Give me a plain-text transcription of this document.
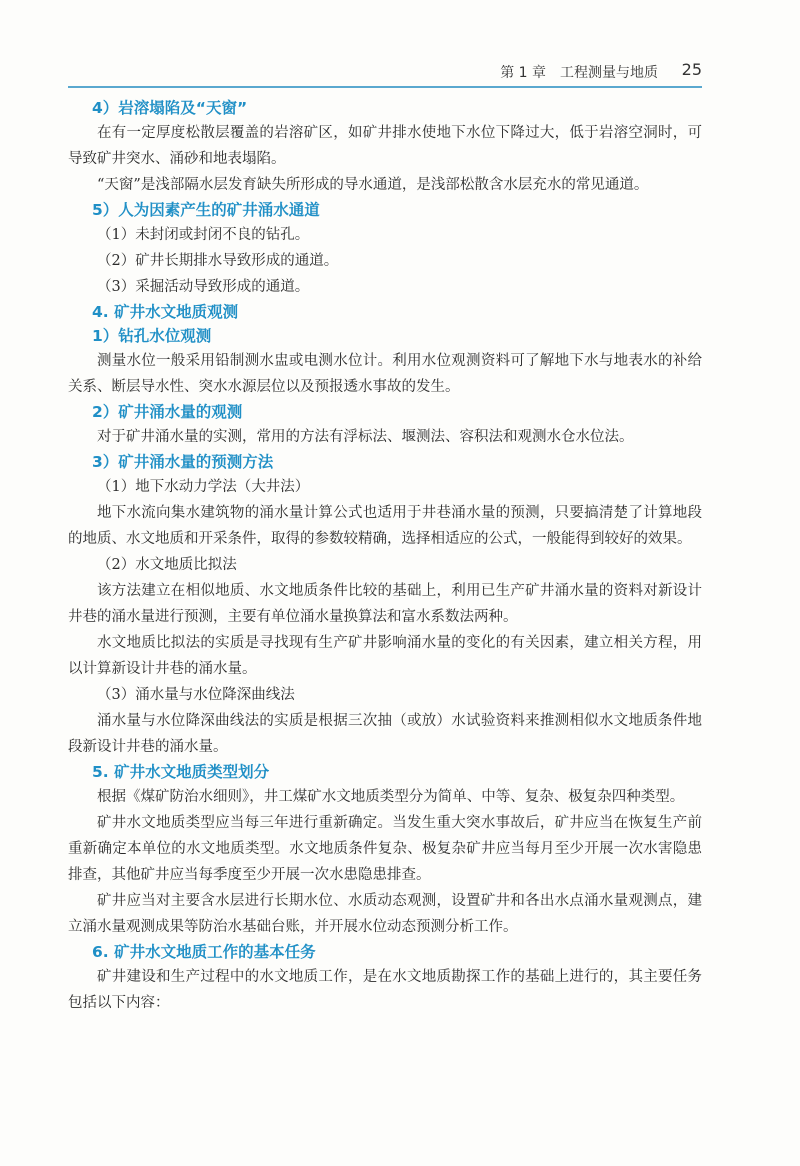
第 1 章　工程测量与地质 25
4）岩溶塌陷及“天窗”

在有一定厚度松散层覆盖的岩溶矿区，如矿井排水使地下水位下降过大，低于岩溶空洞时，可导致矿井突水、涌砂和地表塌陷。

“天窗”是浅部隔水层发育缺失所形成的导水通道，是浅部松散含水层充水的常见通道。

5）人为因素产生的矿井涌水通道

（1）未封闭或封闭不良的钻孔。

（2）矿井长期排水导致形成的通道。

（3）采掘活动导致形成的通道。

4. 矿井水文地质观测
1）钻孔水位观测

测量水位一般采用铅制测水盅或电测水位计。利用水位观测资料可了解地下水与地表水的补给关系、断层导水性、突水水源层位以及预报透水事故的发生。

2）矿井涌水量的观测

对于矿井涌水量的实测，常用的方法有浮标法、堰测法、容积法和观测水仓水位法。

3）矿井涌水量的预测方法

（1）地下水动力学法（大井法）

地下水流向集水建筑物的涌水量计算公式也适用于井巷涌水量的预测，只要搞清楚了计算地段的地质、水文地质和开采条件，取得的参数较精确，选择相适应的公式，一般能得到较好的效果。

（2）水文地质比拟法

该方法建立在相似地质、水文地质条件比较的基础上，利用已生产矿井涌水量的资料对新设计井巷的涌水量进行预测，主要有单位涌水量换算法和富水系数法两种。

水文地质比拟法的实质是寻找现有生产矿井影响涌水量的变化的有关因素，建立相关方程，用以计算新设计井巷的涌水量。

（3）涌水量与水位降深曲线法

涌水量与水位降深曲线法的实质是根据三次抽（或放）水试验资料来推测相似水文地质条件地段新设计井巷的涌水量。

5. 矿井水文地质类型划分

根据《煤矿防治水细则》，井工煤矿水文地质类型分为简单、中等、复杂、极复杂四种类型。

矿井水文地质类型应当每三年进行重新确定。当发生重大突水事故后，矿井应当在恢复生产前重新确定本单位的水文地质类型。水文地质条件复杂、极复杂矿井应当每月至少开展一次水害隐患排查，其他矿井应当每季度至少开展一次水患隐患排查。

矿井应当对主要含水层进行长期水位、水质动态观测，设置矿井和各出水点涌水量观测点，建立涌水量观测成果等防治水基础台账，并开展水位动态预测分析工作。

6. 矿井水文地质工作的基本任务

矿井建设和生产过程中的水文地质工作，是在水文地质勘探工作的基础上进行的，其主要任务包括以下内容：
